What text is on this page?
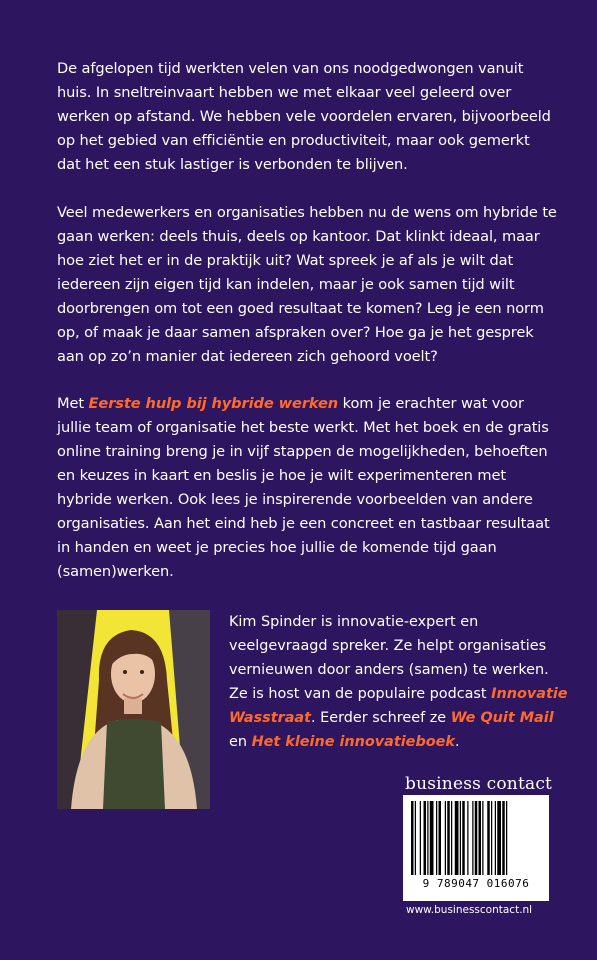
De afgelopen tijd werkten velen van ons noodgedwongen vanuit huis. In sneltreinvaart hebben we met elkaar veel geleerd over werken op afstand. We hebben vele voordelen ervaren, bijvoorbeeld op het gebied van efficiëntie en productiviteit, maar ook gemerkt dat het een stuk lastiger is verbonden te blijven.

Veel medewerkers en organisaties hebben nu de wens om hybride te gaan werken: deels thuis, deels op kantoor. Dat klinkt ideaal, maar hoe ziet het er in de praktijk uit? Wat spreek je af als je wilt dat iedereen zijn eigen tijd kan indelen, maar je ook samen tijd wilt doorbrengen om tot een goed resultaat te komen? Leg je een norm op, of maak je daar samen afspraken over? Hoe ga je het gesprek aan op zo’n manier dat iedereen zich gehoord voelt?

Met Eerste hulp bij hybride werken kom je erachter wat voor jullie team of organisatie het beste werkt. Met het boek en de gratis online training breng je in vijf stappen de mogelijkheden, behoeften en keuzes in kaart en beslis je hoe je wilt experimenteren met hybride werken. Ook lees je inspirerende voorbeelden van andere organisaties. Aan het eind heb je een concreet en tastbaar resultaat in handen en weet je precies hoe jullie de komende tijd gaan (samen)werken.

Kim Spinder is innovatie-expert en veelgevraagd spreker. Ze helpt organisaties vernieuwen door anders (samen) te werken. Ze is host van de populaire podcast Innovatie Wasstraat. Eerder schreef ze We Quit Mail en Het kleine innovatieboek.

business contact
9 789047 016076
www.businesscontact.nl
